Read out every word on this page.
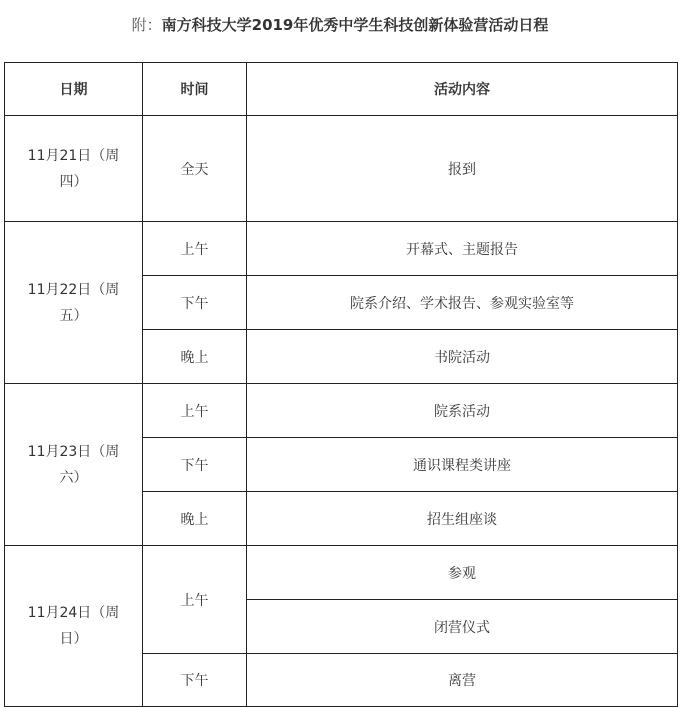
附：南方科技大学2019年优秀中学生科技创新体验营活动日程
日期	时间	活动内容
11月21日（周四）	全天	报到
11月22日（周五）	上午	开幕式、主题报告
	下午	院系介绍、学术报告、参观实验室等
	晚上	书院活动
11月23日（周六）	上午	院系活动
	下午	通识课程类讲座
	晚上	招生组座谈
11月24日（周日）	上午	参观
		闭营仪式
	下午	离营
